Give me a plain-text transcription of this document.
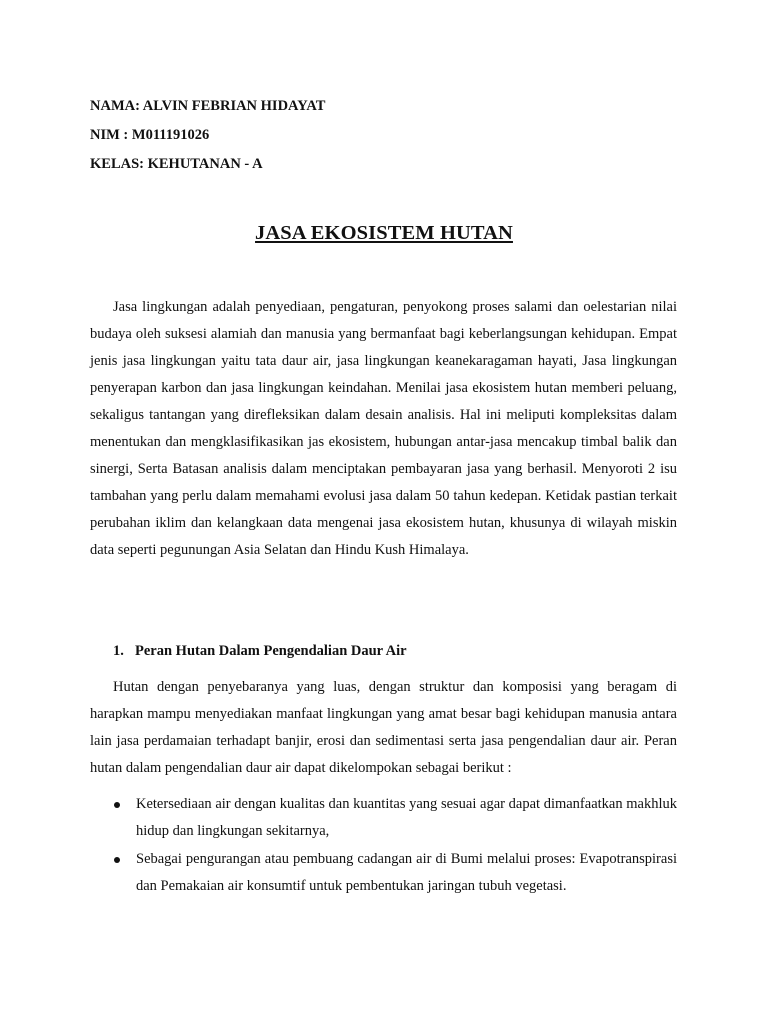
NAMA: ALVIN FEBRIAN HIDAYAT
NIM : M011191026
KELAS: KEHUTANAN - A
JASA EKOSISTEM HUTAN

Jasa lingkungan adalah penyediaan, pengaturan, penyokong proses salami dan oelestarian nilai budaya oleh suksesi alamiah dan manusia yang bermanfaat bagi keberlangsungan kehidupan. Empat jenis jasa lingkungan yaitu tata daur air, jasa lingkungan keanekaragaman hayati, Jasa lingkungan penyerapan karbon dan jasa lingkungan keindahan. Menilai jasa ekosistem hutan memberi peluang, sekaligus tantangan yang direfleksikan dalam desain analisis. Hal ini meliputi kompleksitas dalam menentukan dan mengklasifikasikan jas ekosistem, hubungan antar-jasa mencakup timbal balik dan sinergi, Serta Batasan analisis dalam menciptakan pembayaran jasa yang berhasil. Menyoroti 2 isu tambahan yang perlu dalam memahami evolusi jasa dalam 50 tahun kedepan. Ketidak pastian terkait perubahan iklim dan kelangkaan data mengenai jasa ekosistem hutan, khusunya di wilayah miskin data seperti pegunungan Asia Selatan dan Hindu Kush Himalaya.

1. Peran Hutan Dalam Pengendalian Daur Air

Hutan dengan penyebaranya yang luas, dengan struktur dan komposisi yang beragam di harapkan mampu menyediakan manfaat lingkungan yang amat besar bagi kehidupan manusia antara lain jasa perdamaian terhadapt banjir, erosi dan sedimentasi serta jasa pengendalian daur air. Peran hutan dalam pengendalian daur air dapat dikelompokan sebagai berikut :

Ketersediaan air dengan kualitas dan kuantitas yang sesuai agar dapat dimanfaatkan makhluk hidup dan lingkungan sekitarnya,
Sebagai pengurangan atau pembuang cadangan air di Bumi melalui proses: Evapotranspirasi dan Pemakaian air konsumtif untuk pembentukan jaringan tubuh vegetasi.
